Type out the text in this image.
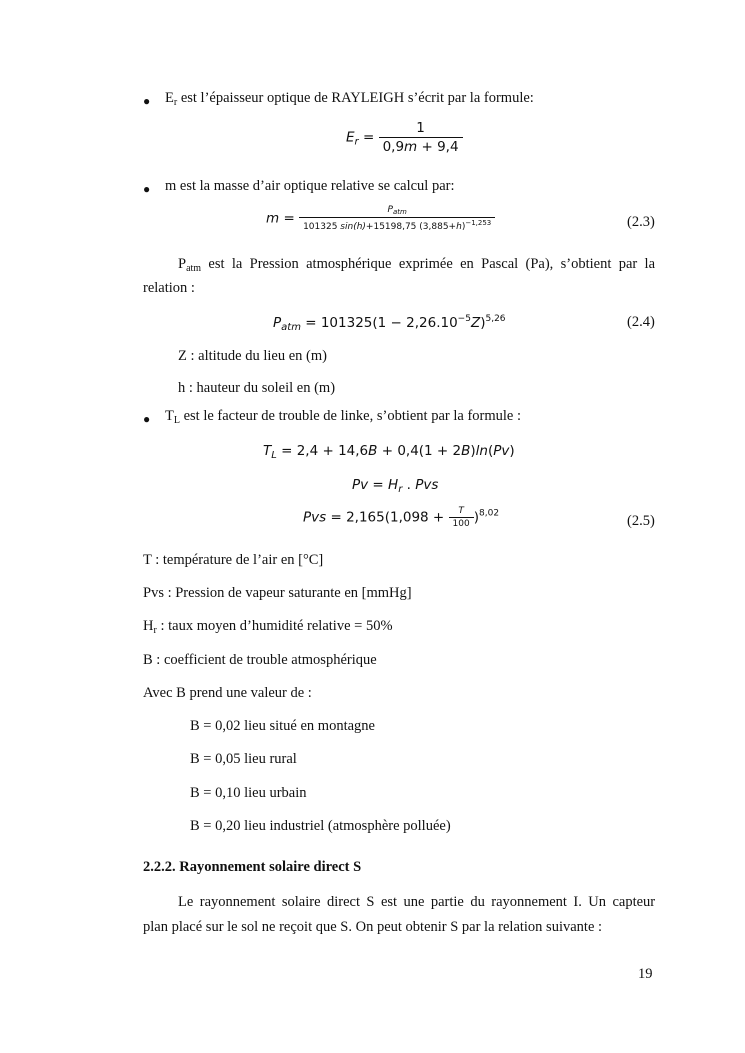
● $E_r$ est l’épaisseur optique de RAYLEIGH s’écrit par la formule:
$E_r = \frac{1}{0,9m + 9,4}$
● m est la masse d’air optique relative se calcul par:
$m = \frac{P_{atm}}{101325 \sin(h)+15198,75 (3,885+h)^{-1,253}}$	(2.3)
$P_{atm}$ est la Pression atmosphérique exprimée en Pascal (Pa), s’obtient par la
relation :
$P_{atm} = 101325(1 - 2,26.10^{-5}Z)^{5,26}$	(2.4)
Z : altitude du lieu en (m)
h : hauteur du soleil en (m)
● $T_L$ est le facteur de trouble de linke, s’obtient par la formule :
$T_L = 2,4 + 14,6B + 0,4(1 + 2B)\ln(Pv)$
$Pv = H_r$ . Pvs
Pvs = $2,165(1,098 + \frac{T}{100} )^{8,02}$	(2.5)
T : température de l’air en [°C]
Pvs : Pression de vapeur saturante en [mmHg]
$H_r$ : taux moyen d’humidité relative = 50%
B : coefficient de trouble atmosphérique
Avec B prend une valeur de :
B = 0,02 lieu situé en montagne
B = 0,05 lieu rural
B = 0,10 lieu urbain
B = 0,20 lieu industriel (atmosphère polluée)
2.2.2. Rayonnement solaire direct S
Le rayonnement solaire direct S est une partie du rayonnement I. Un capteur
plan placé sur le sol ne reçoit que S. On peut obtenir S par la relation suivante :
19
